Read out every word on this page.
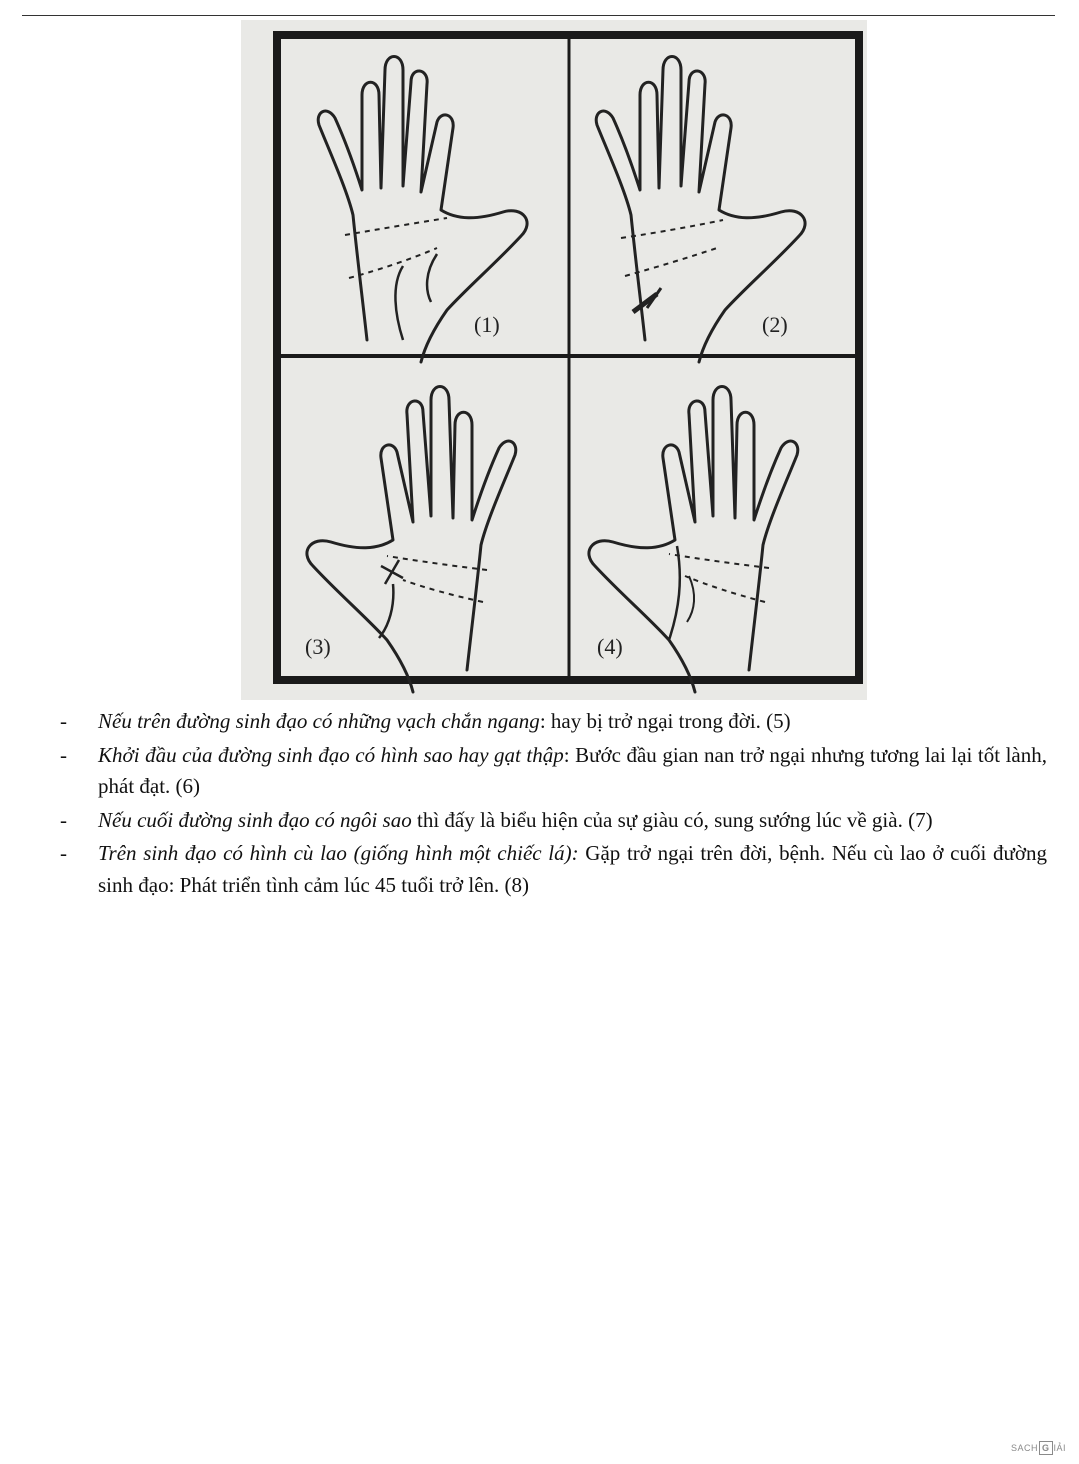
(1)	(2)
(3)	(4)
- Nếu trên đường sinh đạo có những vạch chắn ngang: hay bị trở ngại trong đời. (5)
- Khởi đầu của đường sinh đạo có hình sao hay gạt thập: Bước đầu gian nan trở ngại nhưng tương lai lại tốt lành, phát đạt. (6)
- Nếu cuối đường sinh đạo có ngôi sao thì đấy là biểu hiện của sự giàu có, sung sướng lúc về già. (7)
- Trên sinh đạo có hình cù lao (giống hình một chiếc lá): Gặp trở ngại trên đời, bệnh. Nếu cù lao ở cuối đường sinh đạo: Phát triển tình cảm lúc 45 tuổi trở lên. (8)
SACH G IẢI
